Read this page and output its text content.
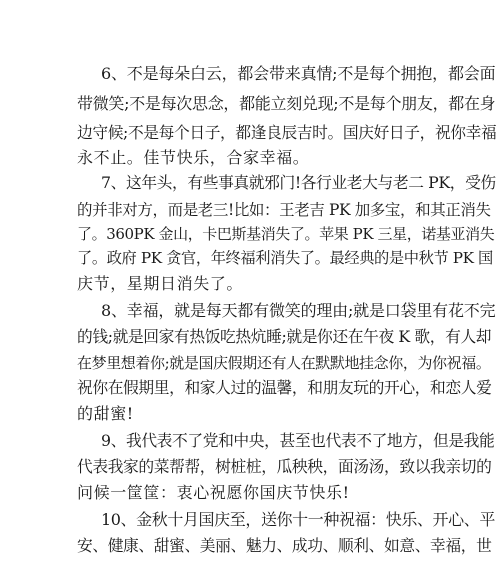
6、不是每朵白云，都会带来真情;不是每个拥抱，都会面
带微笑;不是每次思念，都能立刻兑现;不是每个朋友，都在身
边守候;不是每个日子，都逢良辰吉时。国庆好日子，祝你幸福
永不止。佳节快乐，合家幸福。
7、这年头，有些事真就邪门!各行业老大与老二 PK，受伤
的并非对方，而是老三!比如：王老吉 PK 加多宝，和其正消失
了。360PK 金山，卡巴斯基消失了。苹果 PK 三星，诺基亚消失
了。政府 PK 贪官，年终福利消失了。最经典的是中秋节 PK 国
庆节，星期日消失了。
8、幸福，就是每天都有微笑的理由;就是口袋里有花不完
的钱;就是回家有热饭吃热炕睡;就是你还在午夜 K 歌，有人却
在梦里想着你;就是国庆假期还有人在默默地挂念你，为你祝福。
祝你在假期里，和家人过的温馨，和朋友玩的开心，和恋人爱
的甜蜜!
9、我代表不了党和中央，甚至也代表不了地方，但是我能
代表我家的菜帮帮，树桩桩，瓜秧秧，面汤汤，致以我亲切的
问候一筐筐：衷心祝愿你国庆节快乐!
10、金秋十月国庆至，送你十一种祝福：快乐、开心、平
安、健康、甜蜜、美丽、魅力、成功、顺利、如意、幸福，世
